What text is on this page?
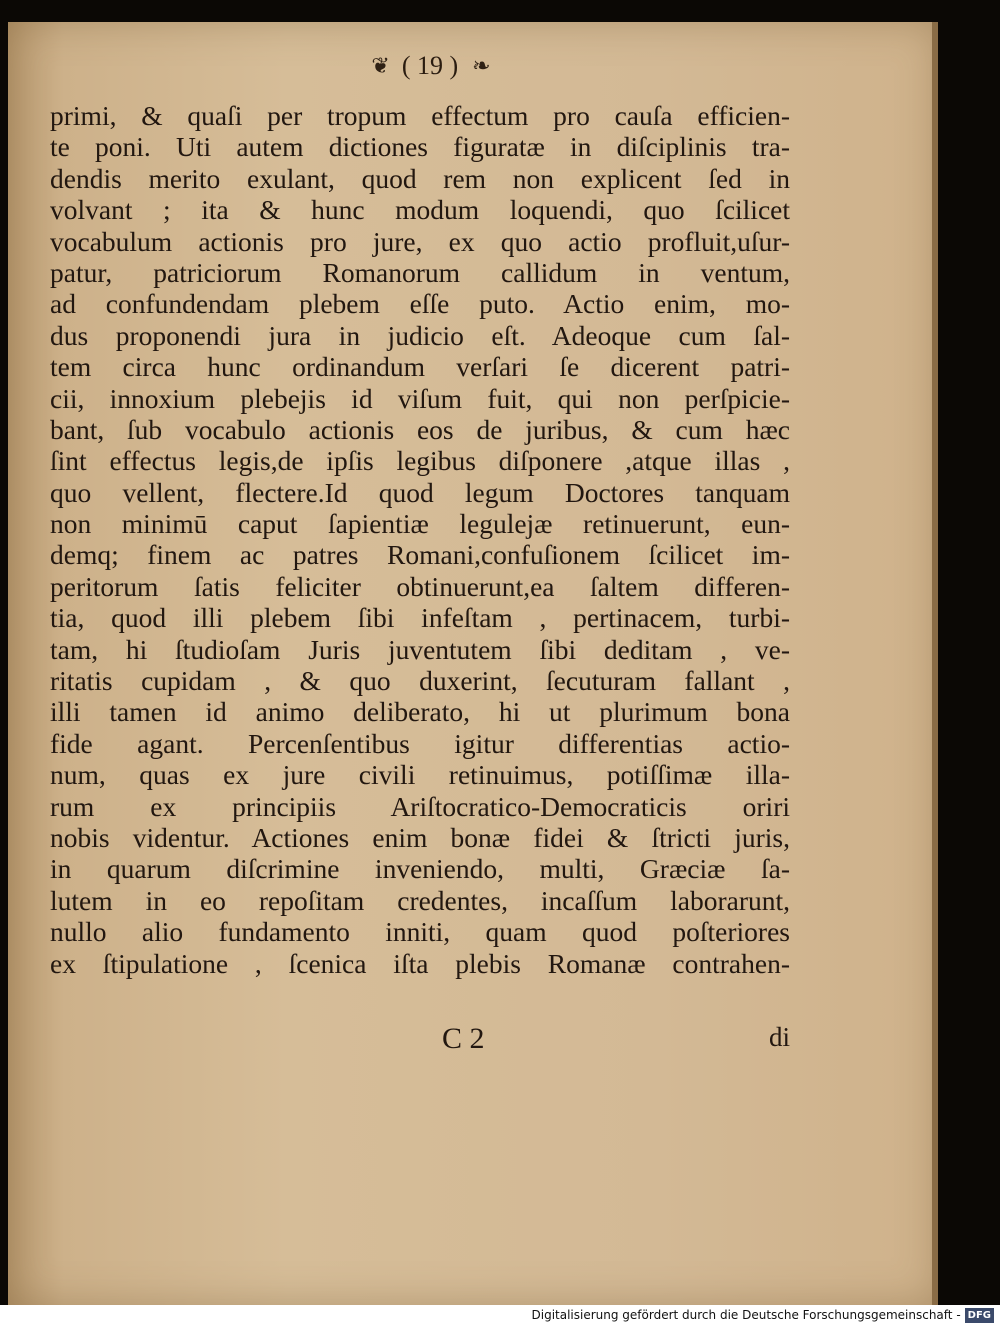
❦ ( 19 ) ❧
primi, & quaſi per tropum effectum pro cauſa efficien-
te poni. Uti autem dictiones figuratæ in diſciplinis tra-
dendis merito exulant, quod rem non explicent ſed in
volvant ; ita & hunc modum loquendi, quo ſcilicet
vocabulum actionis pro jure, ex quo actio profluit,uſur-
patur, patriciorum Romanorum callidum in ventum,
ad confundendam plebem eſſe puto. Actio enim, mo-
dus proponendi jura in judicio eſt. Adeoque cum ſal-
tem circa hunc ordinandum verſari ſe dicerent patri-
cii, innoxium plebejis id viſum fuit, qui non perſpicie-
bant, ſub vocabulo actionis eos de juribus, & cum hæc
ſint effectus legis,de ipſis legibus diſponere ,atque illas ,
quo vellent, flectere.Id quod legum Doctores tanquam
non minimū caput ſapientiæ legulejæ retinuerunt, eun-
demq; finem ac patres Romani,confuſionem ſcilicet im-
peritorum ſatis feliciter obtinuerunt,ea ſaltem differen-
tia, quod illi plebem ſibi infeſtam , pertinacem, turbi-
tam, hi ſtudioſam Juris juventutem ſibi deditam , ve-
ritatis cupidam , & quo duxerint, ſecuturam fallant ,
illi tamen id animo deliberato, hi ut plurimum bona
fide agant. Percenſentibus igitur differentias actio-
num, quas ex jure civili retinuimus, potiſſimæ illa-
rum ex principiis Ariſtocratico-Democraticis oriri
nobis videntur. Actiones enim bonæ fidei & ſtricti juris,
in quarum diſcrimine inveniendo, multi, Græciæ ſa-
lutem in eo repoſitam credentes, incaſſum laborarunt,
nullo alio fundamento inniti, quam quod poſteriores
ex ſtipulatione , ſcenica iſta plebis Romanæ contrahen-
C 2	di
Digitalisierung gefördert durch die Deutsche Forschungsgemeinschaft - DFG
